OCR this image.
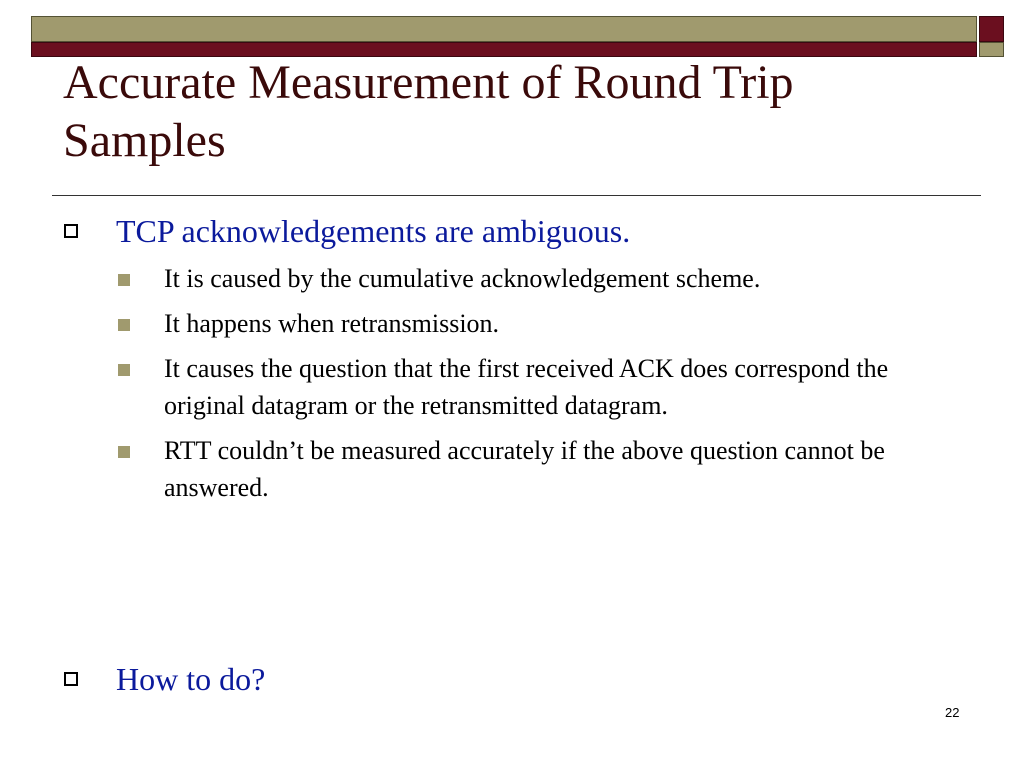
Accurate Measurement of Round Trip Samples
TCP acknowledgements are ambiguous.
It is caused by the cumulative acknowledgement scheme.
It happens when retransmission.
It causes the question that the first received ACK does correspond the original datagram or the retransmitted datagram.
RTT couldn’t be measured accurately if the above question cannot be answered.
How to do?
22
